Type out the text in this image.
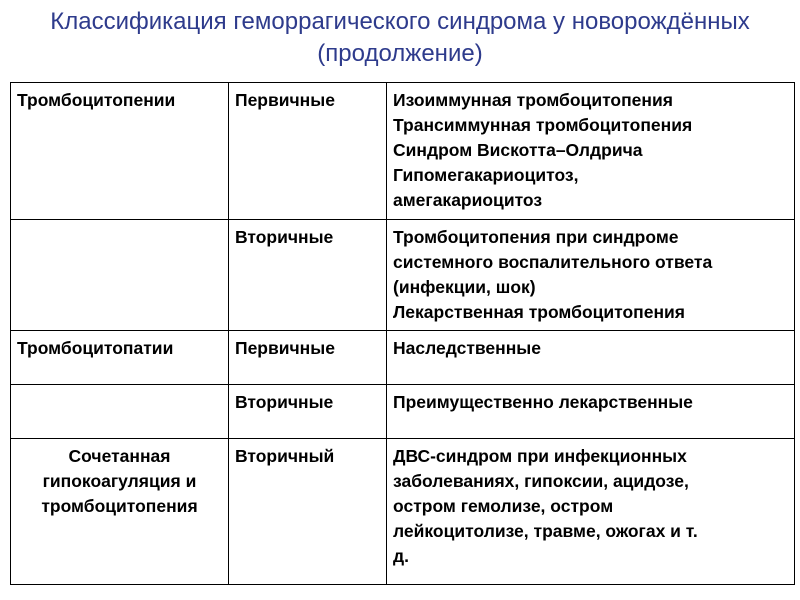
Классификация геморрагического синдрома у новорождённых
(продолжение)
Тромбоцитопении	Первичные	Изоиммунная тромбоцитопения
Трансиммунная тромбоцитопения
Синдром Вискотта–Олдрича
Гипомегакариоцитоз,
амегакариоцитоз

	Вторичные	Тромбоцитопения при синдроме
системного воспалительного ответа
(инфекции, шок)
Лекарственная тромбоцитопения

Тромбоцитопатии	Первичные	Наследственные

	Вторичные	Преимущественно лекарственные

Сочетанная
гипокоагуляция и
тромбоцитопения	Вторичный	ДВС-синдром при инфекционных
заболеваниях, гипоксии, ацидозе,
остром гемолизе, остром
лейкоцитолизе, травме, ожогах и т.
д.
